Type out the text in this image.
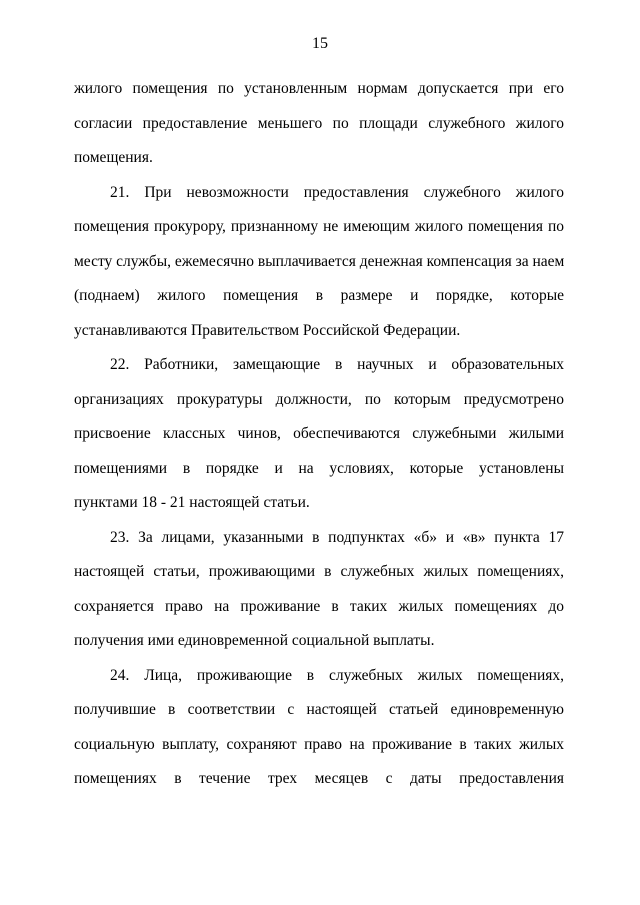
15
жилого помещения по установленным нормам допускается при его
согласии предоставление меньшего по площади служебного жилого
помещения.
21. При невозможности предоставления служебного жилого
помещения прокурору, признанному не имеющим жилого помещения по
месту службы, ежемесячно выплачивается денежная компенсация за наем
(поднаем) жилого помещения в размере и порядке, которые
устанавливаются Правительством Российской Федерации.
22. Работники, замещающие в научных и образовательных
организациях прокуратуры должности, по которым предусмотрено
присвоение классных чинов, обеспечиваются служебными жилыми
помещениями в порядке и на условиях, которые установлены
пунктами 18 - 21 настоящей статьи.
23. За лицами, указанными в подпунктах «б» и «в» пункта 17
настоящей статьи, проживающими в служебных жилых помещениях,
сохраняется право на проживание в таких жилых помещениях до
получения ими единовременной социальной выплаты.
24. Лица, проживающие в служебных жилых помещениях,
получившие в соответствии с настоящей статьей единовременную
социальную выплату, сохраняют право на проживание в таких жилых
помещениях в течение трех месяцев с даты предоставления
